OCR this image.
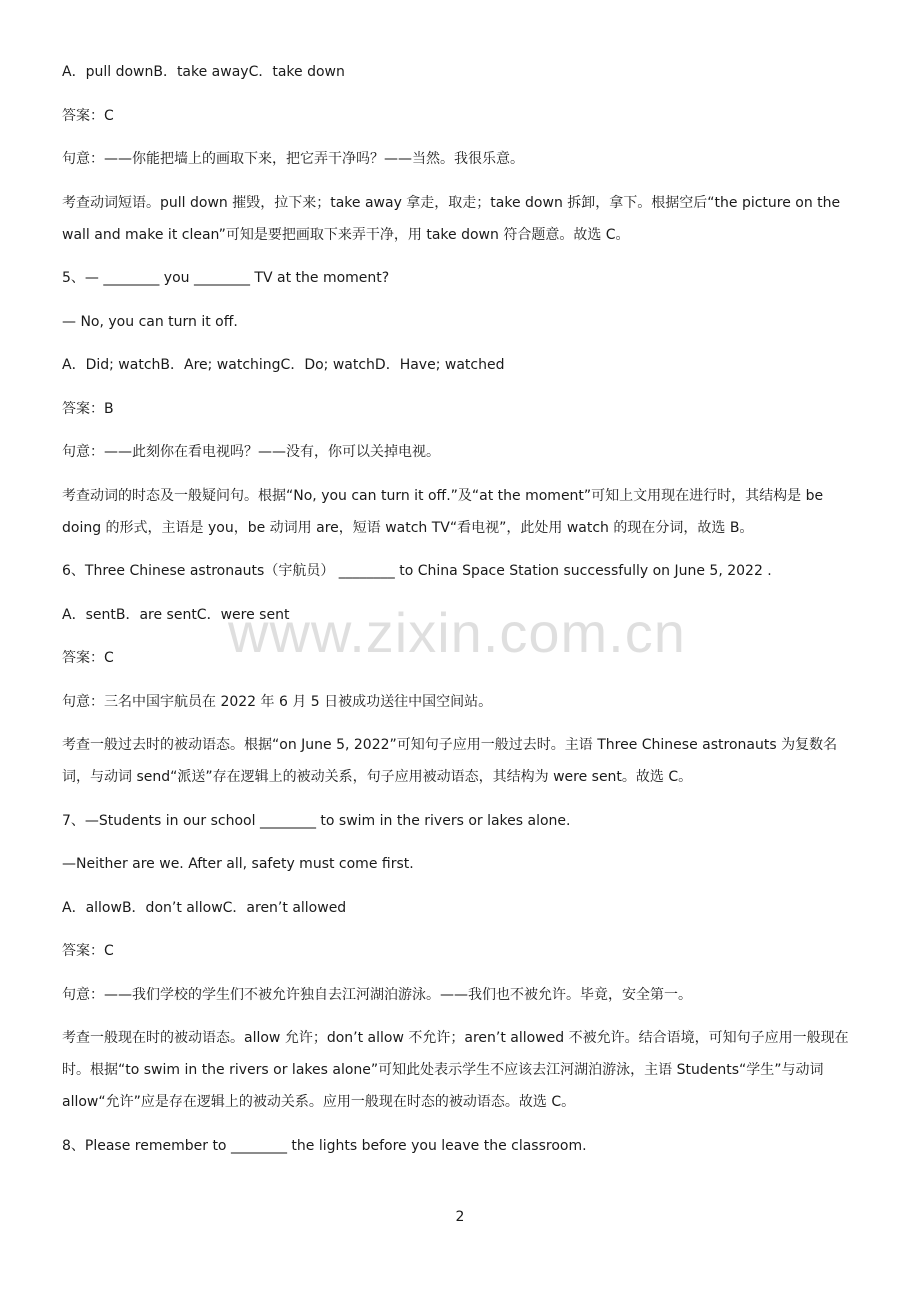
A．pull downB．take awayC．take down

答案：C

句意：——你能把墙上的画取下来，把它弄干净吗？——当然。我很乐意。

考查动词短语。pull down 摧毁，拉下来；take away 拿走，取走；take down 拆卸，拿下。根据空后“the picture on the wall and make it clean”可知是要把画取下来弄干净，用 take down 符合题意。故选 C。

5、— ________ you ________ TV at the moment?

— No, you can turn it off.

A．Did; watchB．Are; watchingC．Do; watchD．Have; watched

答案：B

句意：——此刻你在看电视吗？——没有，你可以关掉电视。

考查动词的时态及一般疑问句。根据“No, you can turn it off.”及“at the moment”可知上文用现在进行时，其结构是 be doing 的形式，主语是 you，be 动词用 are，短语 watch TV“看电视”，此处用 watch 的现在分词，故选 B。

6、Three Chinese astronauts（宇航员） ________ to China Space Station successfully on June 5, 2022 .

A．sentB．are sentC．were sent

答案：C

句意：三名中国宇航员在 2022 年 6 月 5 日被成功送往中国空间站。

考查一般过去时的被动语态。根据“on June 5, 2022”可知句子应用一般过去时。主语 Three Chinese astronauts 为复数名词，与动词 send“派送”存在逻辑上的被动关系，句子应用被动语态，其结构为 were sent。故选 C。

7、—Students in our school ________ to swim in the rivers or lakes alone.

—Neither are we. After all, safety must come first.

A．allowB．don’t allowC．aren’t allowed

答案：C

句意：——我们学校的学生们不被允许独自去江河湖泊游泳。——我们也不被允许。毕竟，安全第一。

考查一般现在时的被动语态。allow 允许；don’t allow 不允许；aren’t allowed 不被允许。结合语境，可知句子应用一般现在时。根据“to swim in the rivers or lakes alone”可知此处表示学生不应该去江河湖泊游泳，主语 Students“学生”与动词 allow“允许”应是存在逻辑上的被动关系。应用一般现在时态的被动语态。故选 C。

8、Please remember to ________ the lights before you leave the classroom.

www.zixin.com.cn
2
